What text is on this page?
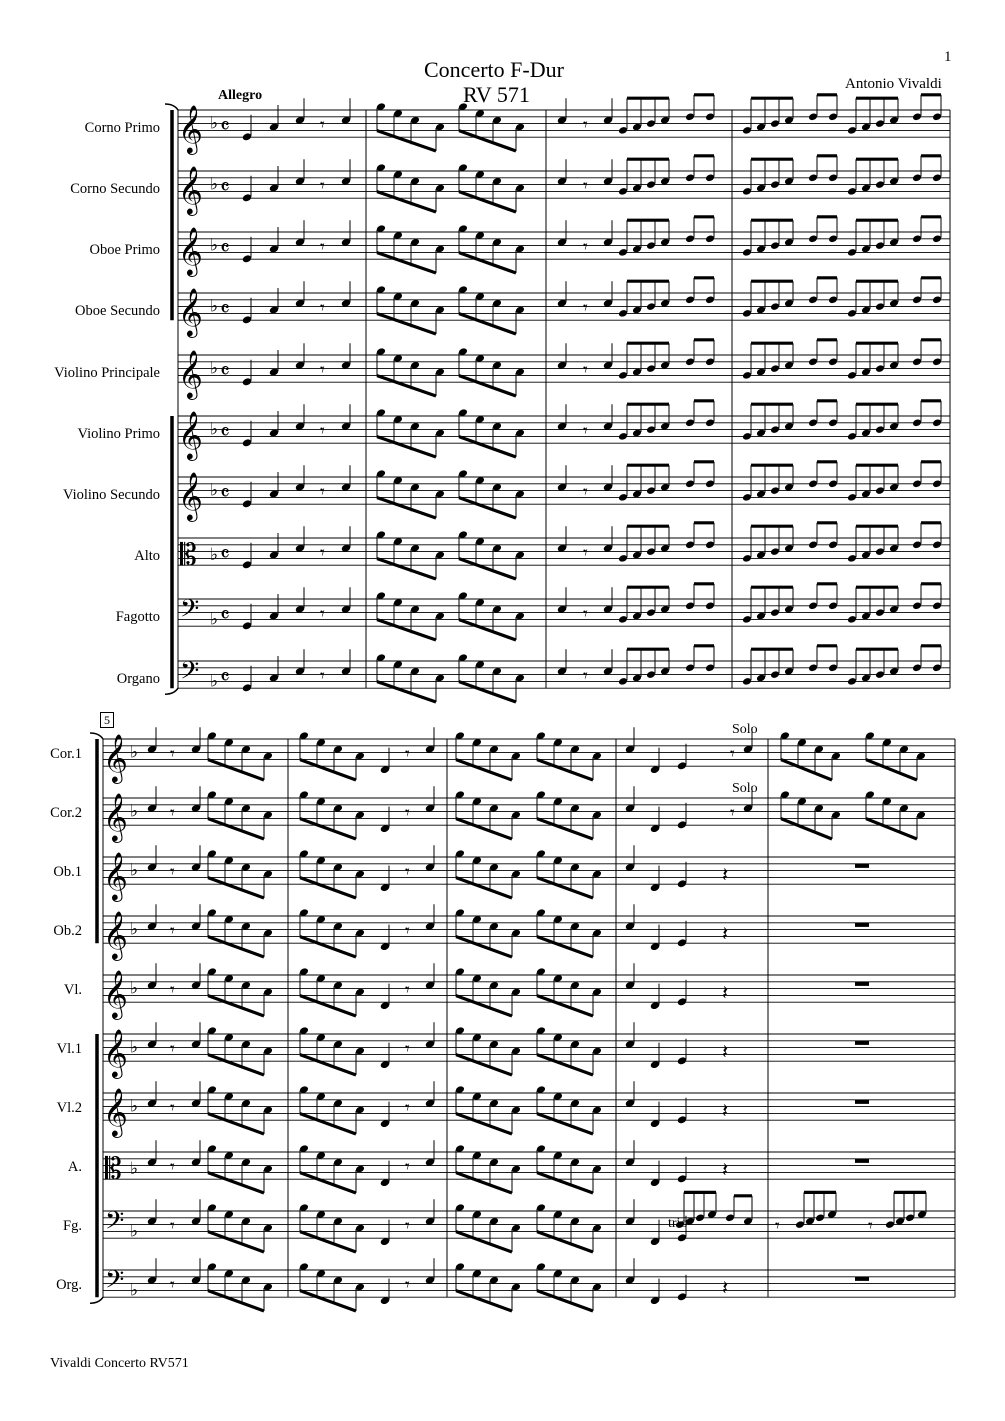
𝄞 ♭ 𝄴
𝄞 ♭ 𝄴
𝄞 ♭ 𝄴
𝄞 ♭ 𝄴
𝄞 ♭ 𝄴
𝄞 ♭ 𝄴
𝄞 ♭ 𝄴
𝄡 ♭ 𝄴
𝄢 ♭ 𝄴
𝄢 ♭ 𝄴
𝄾	𝄾
𝄾	𝄾
𝄾	𝄾
𝄾	𝄾
𝄾	𝄾
𝄾	𝄾
𝄾	𝄾
𝄾	𝄾
𝄾	𝄾
𝄾	𝄾
𝄞 ♭
𝄞 ♭
𝄞 ♭
𝄞 ♭
𝄞 ♭
𝄞 ♭
𝄞 ♭
𝄡 ♭
𝄢 ♭
𝄢 ♭
𝄾	𝄾	𝄾
𝄾	𝄾	𝄾
𝄾	𝄾	𝄽
𝄾	𝄾	𝄽
𝄾	𝄾	𝄽
𝄾	𝄾	𝄽
𝄾	𝄾	𝄽
𝄾	𝄾	𝄽
𝄾	𝄾	𝄾	𝄾
𝄾	𝄾	𝄽
Concerto F-Dur
RV 571	Antonio Vivaldi
1
Allegro
Corno Primo
Corno Secundo
Oboe Primo
Oboe Secundo
Violino Principale
Violino Primo
Violino Secundo
Alto
Fagotto
Organo
5
Cor.1
Cor.2
Ob.1
Ob.2
Vl.
Vl.1
Vl.2
A.
Fg.
Org.
Solo
Solo
trio
Vivaldi Concerto RV571
